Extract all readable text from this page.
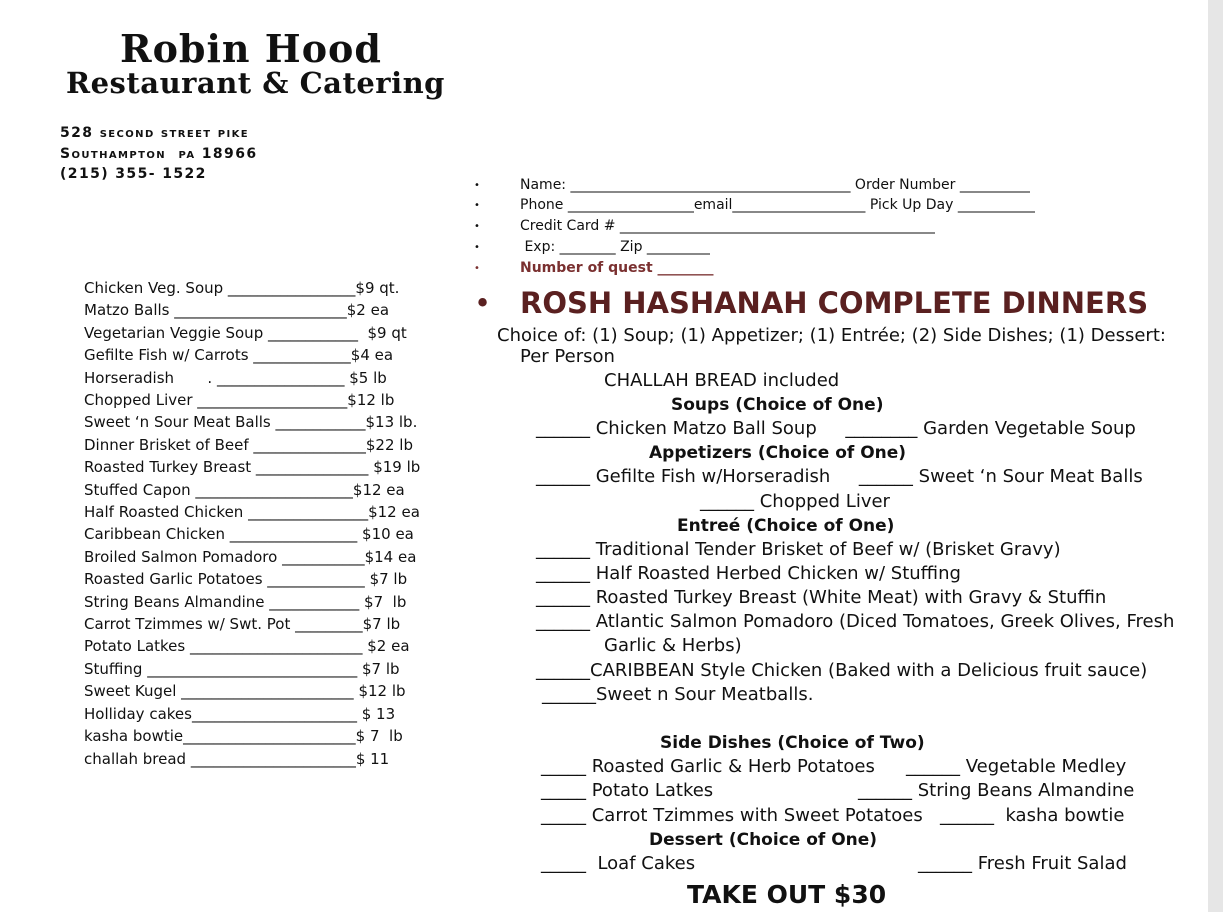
Robin Hood
Restaurant & Catering
528 second street pike
Southampton  pa 18966
(215) 355- 1522
Chicken Veg. Soup _________________$9 qt.
Matzo Balls _______________________$2 ea
Vegetarian Veggie Soup ____________  $9 qt
Gefilte Fish w/ Carrots _____________$4 ea
Horseradish       . _________________ $5 lb
Chopped Liver ____________________$12 lb
Sweet ‘n Sour Meat Balls ____________$13 lb.
Dinner Brisket of Beef _______________$22 lb
Roasted Turkey Breast _______________ $19 lb
Stuffed Capon _____________________$12 ea
Half Roasted Chicken ________________$12 ea
Caribbean Chicken _________________ $10 ea
Broiled Salmon Pomadoro ___________$14 ea
Roasted Garlic Potatoes _____________ $7 lb
String Beans Almandine ____________ $7  lb
Carrot Tzimmes w/ Swt. Pot _________$7 lb
Potato Latkes _______________________ $2 ea
Stuffing ____________________________ $7 lb
Sweet Kugel _______________________ $12 lb
Holliday cakes______________________ $ 13
kasha bowtie_______________________$ 7  lb
challah bread ______________________$ 11
•	Name: ________________________________________ Order Number __________
•	Phone __________________email___________________ Pick Up Day ___________
•	Credit Card # _____________________________________________
•	Exp: ________ Zip _________
•	Number of quest ________
• ROSH HASHANAH COMPLETE DINNERS
Choice of: (1) Soup; (1) Appetizer; (1) Entrée; (2) Side Dishes; (1) Dessert:
Per Person
CHALLAH BREAD included
Soups (Choice of One)
______ Chicken Matzo Ball Soup     ________ Garden Vegetable Soup
Appetizers (Choice of One)
______ Gefilte Fish w/Horseradish     ______ Sweet ‘n Sour Meat Balls
______ Chopped Liver
Entreé (Choice of One)
______ Traditional Tender Brisket of Beef w/ (Brisket Gravy)
______ Half Roasted Herbed Chicken w/ Stuffing
______ Roasted Turkey Breast (White Meat) with Gravy & Stuffin
______ Atlantic Salmon Pomadoro (Diced Tomatoes, Greek Olives, Fresh
Garlic & Herbs)
______CARIBBEAN Style Chicken (Baked with a Delicious fruit sauce)
______Sweet n Sour Meatballs.
Side Dishes (Choice of Two)
_____ Roasted Garlic & Herb Potatoes ______ Vegetable Medley
_____ Potato Latkes	______ String Beans Almandine
_____ Carrot Tzimmes with Sweet Potatoes ______  kasha bowtie
Dessert (Choice of One)
_____  Loaf Cakes	______ Fresh Fruit Salad
TAKE OUT $30
